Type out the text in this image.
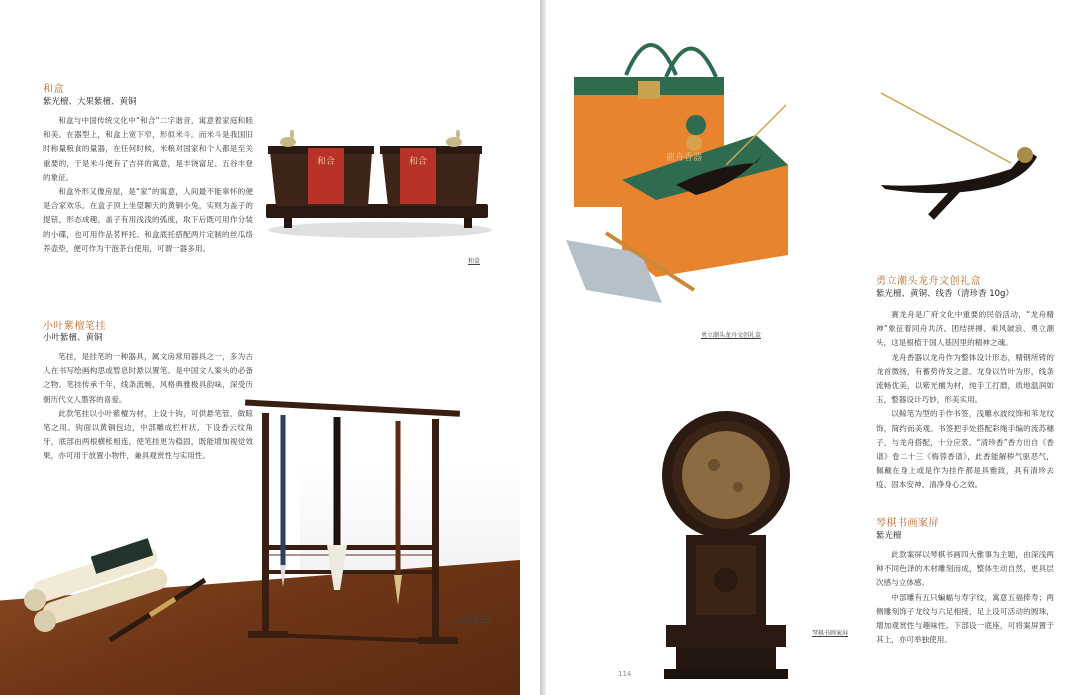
和盒
紫光檀、大果紫檀、黄铜

和盒与中国传统文化中“和合”二字谐音，寓意着家庭和睦和美。在器型上，和盒上宽下窄，形似米斗。而米斗是我国旧时称量粮食的量器，在任何时候，米粮对国家和个人都是至关重要的，于是米斗便有了吉祥的寓意，是丰饶富足、五谷丰登的象征。

和盒外形又像房屋，是“家”的寓意，人间最不能辜怀的便是合家欢乐。在盒子顶上坐望聊天的黄铜小兔，实则为盖子的提钮，形态成趣。盖子有用浅浅的弧度，取下后既可用作分装的小碟，也可用作品茗杯托。和盒底托搭配两片定制的丝瓜络养壶垫，便可作为干泡茶台使用，可谓一器多用。

和合	和合
和盒
小叶紫檀笔挂
小叶紫檀、黄铜

笔挂，是挂笔的一种器具，属文房常用器具之一，多为古人在书写绘画构思或暂息时悬以置笔。是中国文人案头的必备之物。笔挂传承千年，线条流畅、风格典雅极具韵味，深受历朝历代文人墨客的喜爱。

此款笔挂以小叶紫檀为材，上设十钩，可供悬笔管，做晾笔之用。钩面以黄铜包边，中部雕成栏杆状，下设香云纹角牙，底部由两根横枨相连，使笔挂更为稳固，既能增加视觉效果，亦可用于放置小物件，兼具观赏性与实用性。

小叶紫檀笔挂
龍舟香器
勇立潮头龙舟文创礼盒
勇立潮头龙舟文创礼盒
紫光檀、黄铜、线香（清珍香 10g）

赛龙舟是广府文化中重要的民俗活动，“龙舟精神”象征着同舟共济、团结拼搏、乘风破浪、勇立潮头，这是根植于国人基因里的精神之魂。

龙舟香器以龙舟作为整体设计形态，精钢所铸的龙首微扬，有蓄势待发之意。龙身以竹叶为形，线条流畅优美，以紫光檀为材，纯手工打磨，质地温润如玉，整器设计巧妙，形美实用。

以鲸笔为型的手作书签，浅雕水波纹饰和苇龙纹饰，简约而美观。书签把手处搭配彩绳手编的流苏穗子，与龙舟搭配，十分应景。“清珍香”香方出自《香谱》卷二十三《梅蓉香谱》，此香能解秽气驱恶气，佩戴在身上或是作为挂件都是具雅致，具有清珍去疫、固本安神、清净身心之效。

琴棋书画案屏
琴棋书画案屏
紫光檀

此款案屏以琴棋书画四大雅事为主题，由深浅两种不同色泽的木材雕刻而成，整体生动自然，更具层次感与立体感。

中部雕有五只蝙蝠与寿字纹，寓意五福捧寿；两侧雕刻饰子龙纹与六足相接，足上设可活动的圆珠，增加观赏性与趣味性。下部设一底座，可将案屏置于其上，亦可举独使用。

114
